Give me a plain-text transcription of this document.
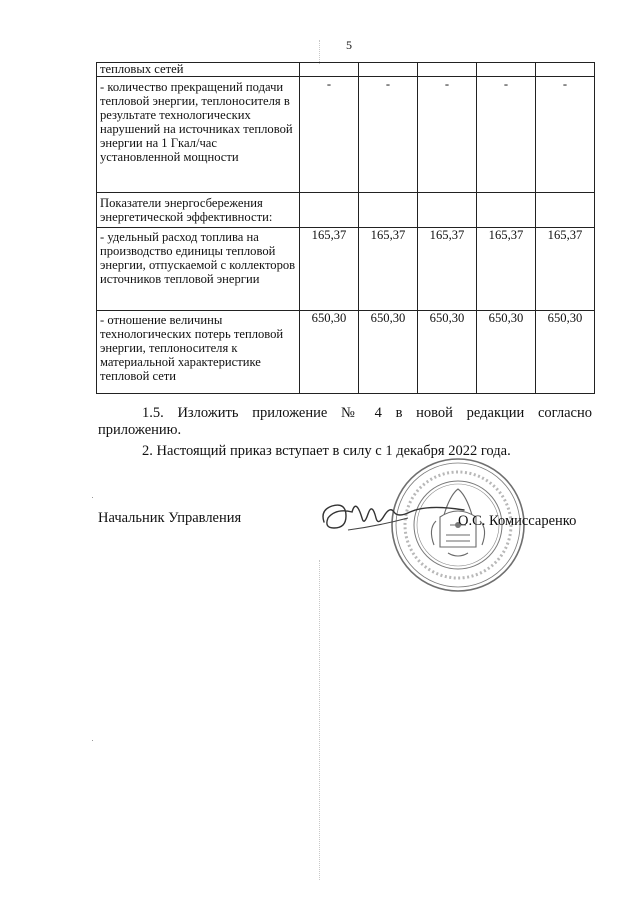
5
тепловых сетей					
- количество прекращений подачи тепловой энергии, теплоносителя в результате технологических нарушений на источниках тепловой энергии на 1 Гкал/час установленной мощности	-	-	-	-	-
Показатели энергосбережения энергетической эффективности:					
- удельный расход топлива на производство единицы тепловой энергии, отпускаемой с коллекторов источников тепловой энергии	165,37	165,37	165,37	165,37	165,37
- отношение величины технологических потерь тепловой энергии, теплоносителя к материальной характеристике тепловой сети	650,30	650,30	650,30	650,30	650,30

1.5. Изложить приложение № 4 в новой редакции согласно приложению.

2. Настоящий приказ вступает в силу с 1 декабря 2022 года.

Начальник Управления	О.С. Комиссаренко
